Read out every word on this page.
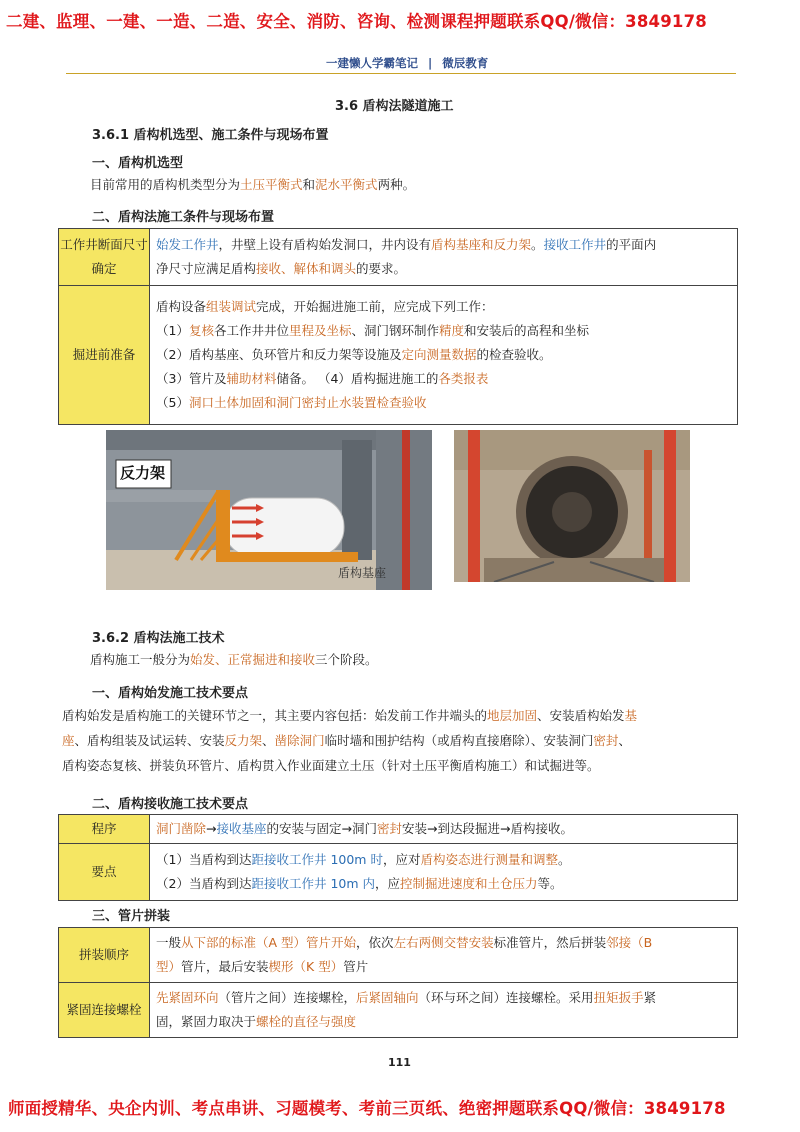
二建、监理、一建、一造、二造、安全、消防、咨询、检测课程押题联系QQ/微信：3849178
师面授精华、央企内训、考点串讲、习题模考、考前三页纸、绝密押题联系QQ/微信：3849178
一建懒人学霸笔记 | 微辰教育
3.6 盾构法隧道施工
3.6.1 盾构机选型、施工条件与现场布置
一、盾构机选型
目前常用的盾构机类型分为土压平衡式和泥水平衡式两种。
二、盾构法施工条件与现场布置
工作井断面尺寸确定	始发工作井，井壁上设有盾构始发洞口，井内设有盾构基座和反力架。接收工作井的平面内
净尺寸应满足盾构接收、解体和调头的要求。

掘进前准备	盾构设备组装调试完成，开始掘进施工前，应完成下列工作：
（1）复核各工作井井位里程及坐标、洞门钢环制作精度和安装后的高程和坐标
（2）盾构基座、负环管片和反力架等设施及定向测量数据的检查验收。
（3）管片及辅助材料储备。 （4）盾构掘进施工的各类报表
（5）洞口土体加固和洞门密封止水装置检查验收
反力架
盾构基座
3.6.2 盾构法施工技术
盾构施工一般分为始发、正常掘进和接收三个阶段。
一、盾构始发施工技术要点
盾构始发是盾构施工的关键环节之一，其主要内容包括：始发前工作井端头的地层加固、安装盾构始发基
座、盾构组装及试运转、安装反力架、凿除洞门临时墙和围护结构（或盾构直接磨除）、安装洞门密封、
盾构姿态复核、拼装负环管片、盾构贯入作业面建立土压（针对土压平衡盾构施工）和试掘进等。
二、盾构接收施工技术要点
程序	洞门凿除→接收基座的安装与固定→洞门密封安装→到达段掘进→盾构接收。
要点	（1）当盾构到达距接收工作井 100m 时，应对盾构姿态进行测量和调整。
（2）当盾构到达距接收工作井 10m 内，应控制掘进速度和土仓压力等。
三、管片拼装
拼装顺序	一般从下部的标准（A 型）管片开始，依次左右两侧交替安装标准管片，然后拼装邻接（B
型）管片，最后安装楔形（K 型）管片

紧固连接螺栓	先紧固环向（管片之间）连接螺栓，后紧固轴向（环与环之间）连接螺栓。采用扭矩扳手紧
固，紧固力取决于螺栓的直径与强度
111
